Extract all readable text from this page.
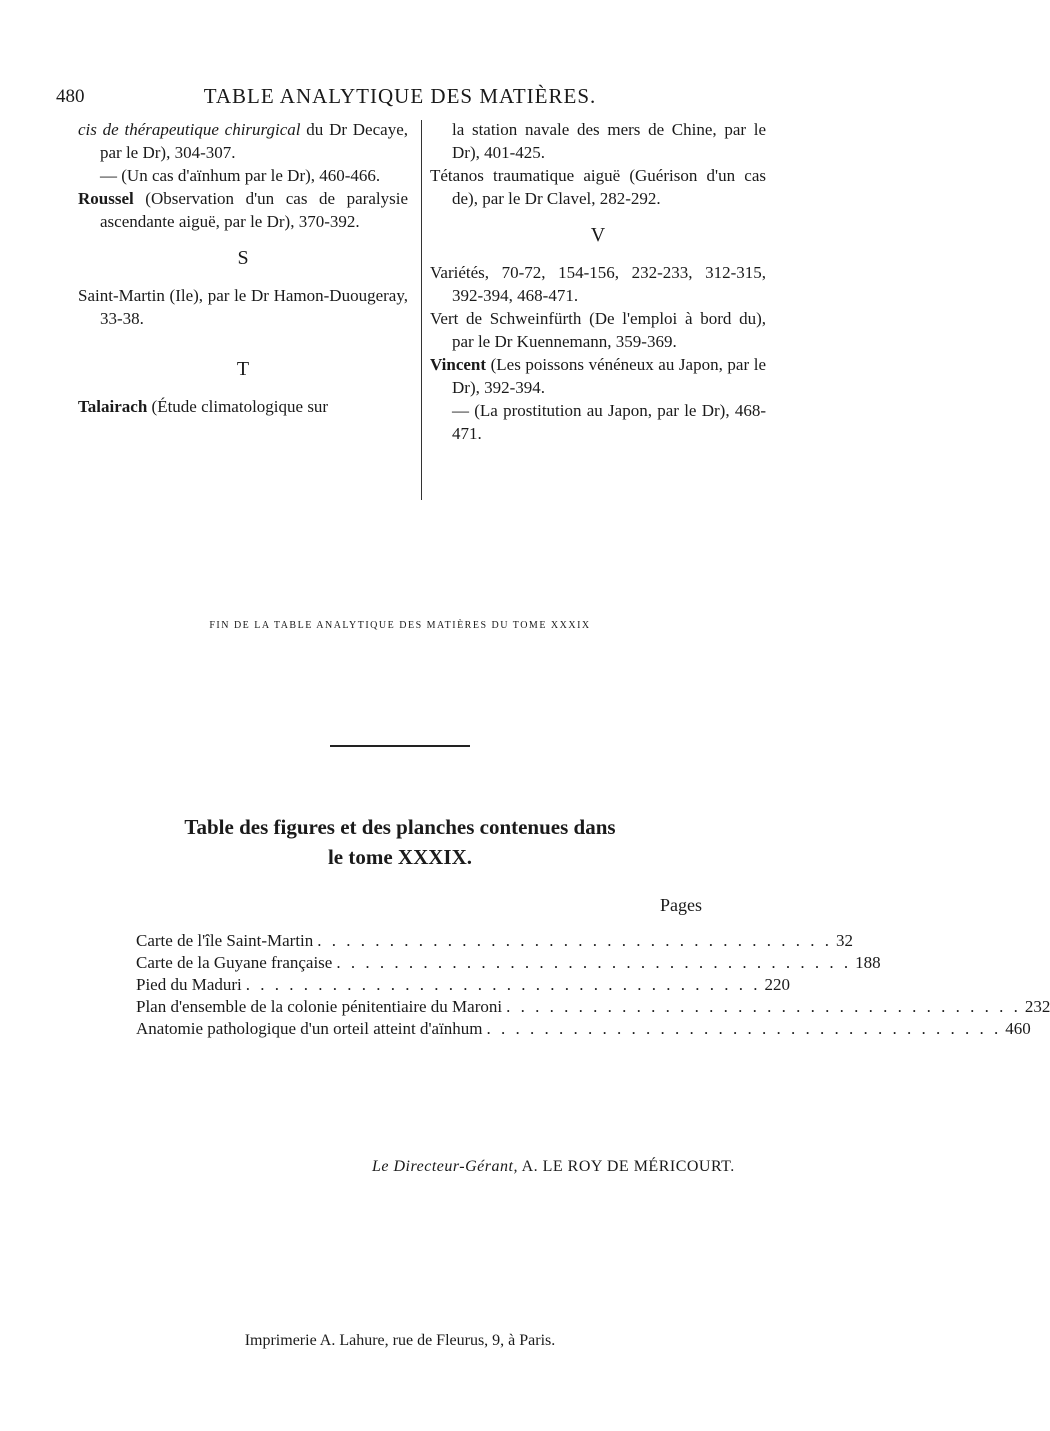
480	TABLE ANALYTIQUE DES MATIÈRES.

cis de thérapeutique chirurgical du Dr Decaye, par le Dr), 304-307.

— (Un cas d'aïnhum par le Dr), 460-466.

Roussel (Observation d'un cas de paralysie ascendante aiguë, par le Dr), 370-392.

S

Saint-Martin (Ile), par le Dr Hamon-Duougeray, 33-38.

T

Talairach (Étude climatologique sur

la station navale des mers de Chine, par le Dr), 401-425.

Tétanos traumatique aiguë (Guérison d'un cas de), par le Dr Clavel, 282-292.

V

Variétés, 70-72, 154-156, 232-233, 312-315, 392-394, 468-471.

Vert de Schweinfürth (De l'emploi à bord du), par le Dr Kuennemann, 359-369.

Vincent (Les poissons vénéneux au Japon, par le Dr), 392-394.

— (La prostitution au Japon, par le Dr), 468-471.

FIN DE LA TABLE ANALYTIQUE DES MATIÈRES DU TOME XXXIX
Table des figures et des planches contenues dans
le tome XXXIX.
Pages
Carte de l'île Saint-Martin . . . . . . . . . . . . . . . . . . . . . . . . . . . . . . . . . . . . 32
Carte de la Guyane française . . . . . . . . . . . . . . . . . . . . . . . . . . . . . . . . . . . . 188
Pied du Maduri . . . . . . . . . . . . . . . . . . . . . . . . . . . . . . . . . . . . 220
Plan d'ensemble de la colonie pénitentiaire du Maroni . . . . . . . . . . . . . . . . . . . . . . . . . . . . . . . . . . . . 232
Anatomie pathologique d'un orteil atteint d'aïnhum . . . . . . . . . . . . . . . . . . . . . . . . . . . . . . . . . . . . 460
Le Directeur-Gérant, A. LE ROY DE MÉRICOURT.
Imprimerie A. Lahure, rue de Fleurus, 9, à Paris.
